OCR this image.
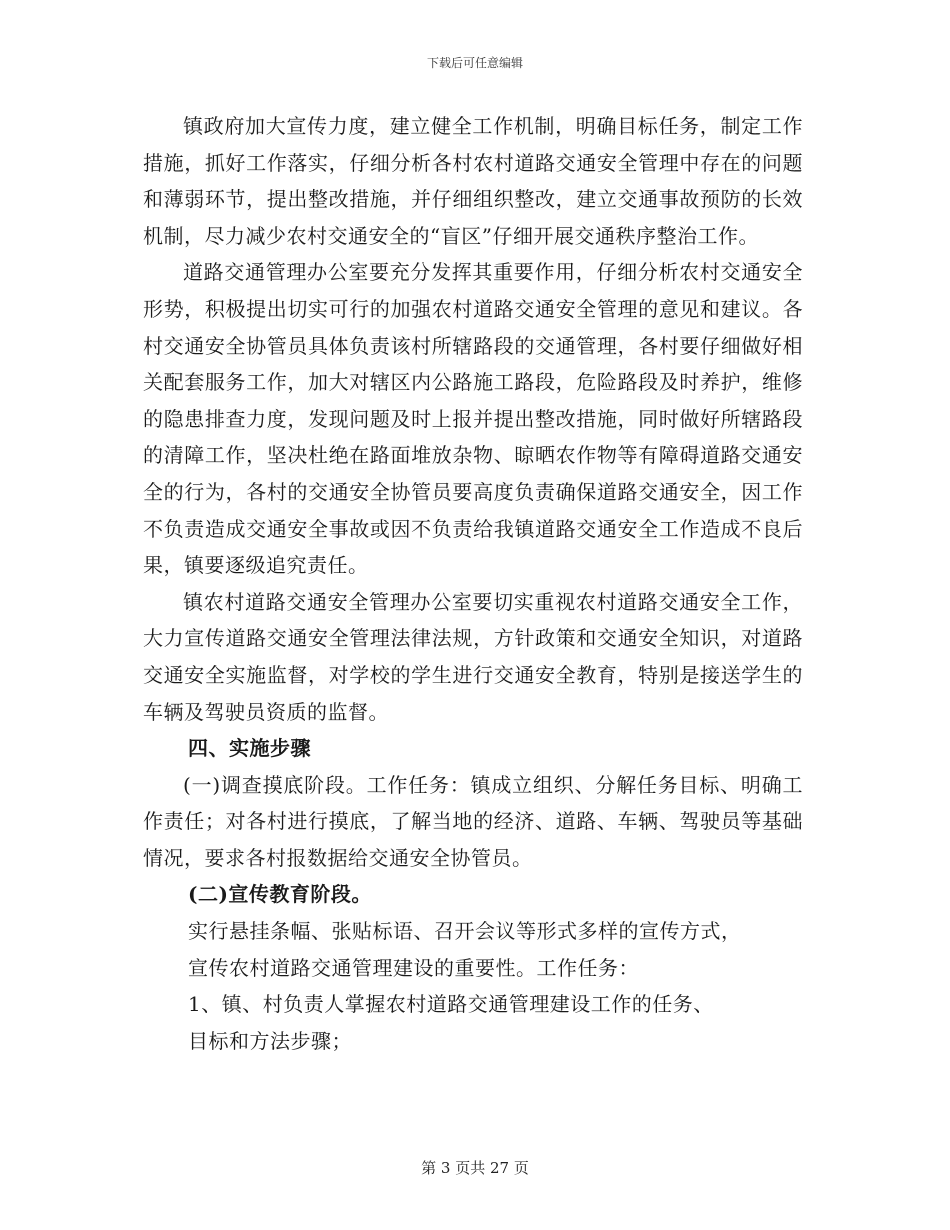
下载后可任意编辑

镇政府加大宣传力度，建立健全工作机制，明确目标任务，制定工作措施，抓好工作落实，仔细分析各村农村道路交通安全管理中存在的问题和薄弱环节，提出整改措施，并仔细组织整改，建立交通事故预防的长效机制，尽力减少农村交通安全的“盲区”仔细开展交通秩序整治工作。

道路交通管理办公室要充分发挥其重要作用，仔细分析农村交通安全形势，积极提出切实可行的加强农村道路交通安全管理的意见和建议。各村交通安全协管员具体负责该村所辖路段的交通管理，各村要仔细做好相关配套服务工作，加大对辖区内公路施工路段，危险路段及时养护，维修的隐患排查力度，发现问题及时上报并提出整改措施，同时做好所辖路段的清障工作，坚决杜绝在路面堆放杂物、晾晒农作物等有障碍道路交通安全的行为，各村的交通安全协管员要高度负责确保道路交通安全，因工作不负责造成交通安全事故或因不负责给我镇道路交通安全工作造成不良后果，镇要逐级追究责任。

镇农村道路交通安全管理办公室要切实重视农村道路交通安全工作，大力宣传道路交通安全管理法律法规，方针政策和交通安全知识，对道路交通安全实施监督，对学校的学生进行交通安全教育，特别是接送学生的车辆及驾驶员资质的监督。

四、实施步骤

(一)调查摸底阶段。工作任务：镇成立组织、分解任务目标、明确工作责任；对各村进行摸底，了解当地的经济、道路、车辆、驾驶员等基础情况，要求各村报数据给交通安全协管员。

(二)宣传教育阶段。
实行悬挂条幅、张贴标语、召开会议等形式多样的宣传方式，
宣传农村道路交通管理建设的重要性。工作任务：
1、镇、村负责人掌握农村道路交通管理建设工作的任务、
目标和方法步骤；
第 3 页共 27 页
